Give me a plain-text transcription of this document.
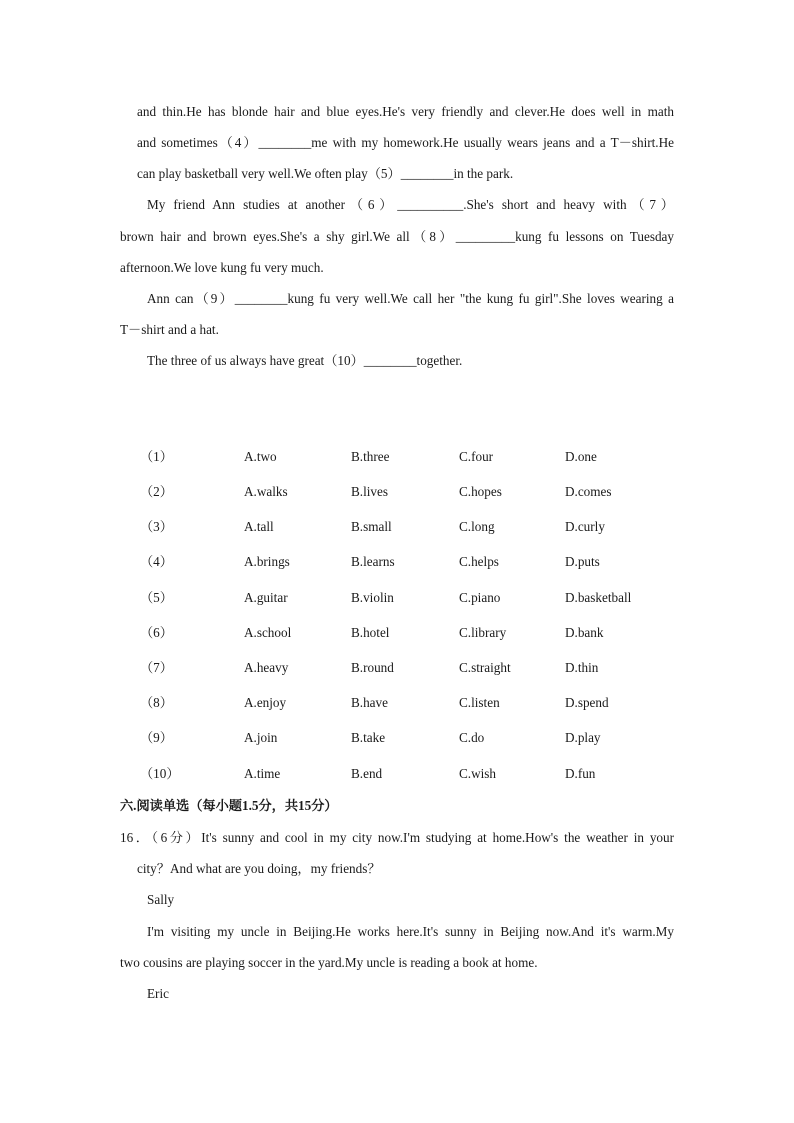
and thin.He has blonde hair and blue eyes.He's very friendly and clever.He does well in math
and sometimes（4）________me with my homework.He usually wears jeans and a T－shirt.He
can play basketball very well.We often play（5）________in the park.
My friend Ann studies at another（6）__________.She's short and heavy with（7）
brown hair and brown eyes.She's a shy girl.We all（8）_________kung fu lessons on Tuesday
afternoon.We love kung fu very much.
Ann can（9）________kung fu very well.We call her "the kung fu girl".She loves wearing a
T－shirt and a hat.
The three of us always have great（10）________together.
（1）	A.two	B.three	C.four	D.one
（2）	A.walks	B.lives	C.hopes	D.comes
（3）	A.tall	B.small	C.long	D.curly
（4）	A.brings	B.learns	C.helps	D.puts
（5）	A.guitar	B.violin	C.piano	D.basketball
（6）	A.school	B.hotel	C.library	D.bank
（7）	A.heavy	B.round	C.straight	D.thin
（8）	A.enjoy	B.have	C.listen	D.spend
（9）	A.join	B.take	C.do	D.play
（10）	A.time	B.end	C.wish	D.fun
六.阅读单选（每小题1.5分，共15分）
16．（6分）It's sunny and cool in my city now.I'm studying at home.How's the weather in your
city？And what are you doing，my friends？
Sally
I'm visiting my uncle in Beijing.He works here.It's sunny in Beijing now.And it's warm.My
two cousins are playing soccer in the yard.My uncle is reading a book at home.
Eric
